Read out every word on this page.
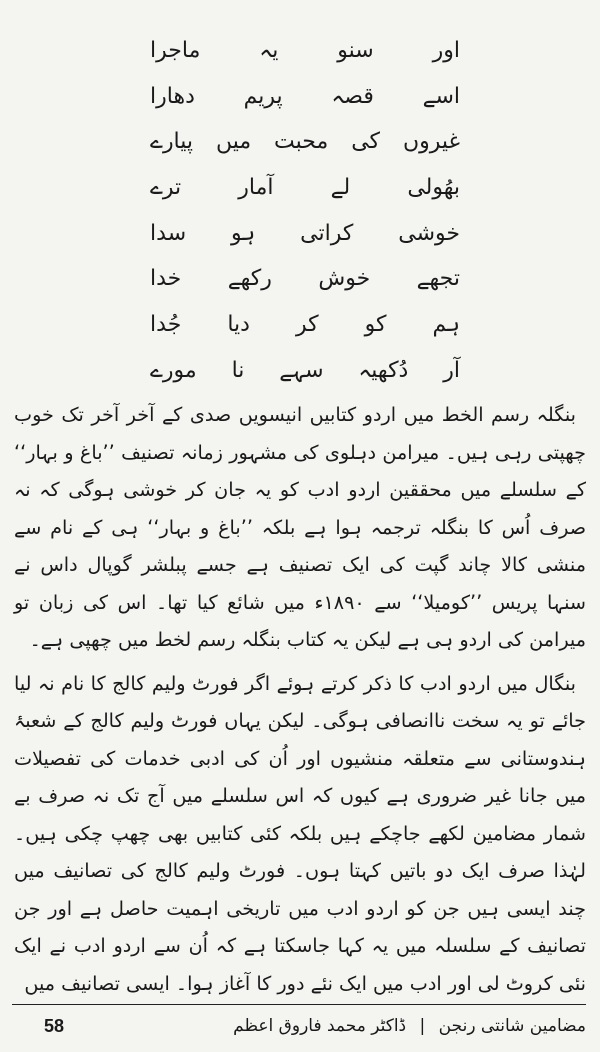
اور
سنو
یہ
ماجرا
اسے
قصہ
پریم
دھارا
غیروں
کی
محبت
میں
پیارے
بھُولی
لے
آمار
ترے
خوشی
کراتی
ہو
سدا
تجھے
خوش
رکھے
خدا
ہم
کو
کر
دیا
جُدا
آر
دُکھیہ
سہے
نا
مورے

بنگلہ رسم الخط میں اردو کتابیں انیسویں صدی کے آخر آخر تک خوب چھپتی رہی ہیں۔ میرامن دہلوی کی مشہور زمانہ تصنیف ’’باغ و بہار‘‘ کے سلسلے میں محققین اردو ادب کو یہ جان کر خوشی ہوگی کہ نہ صرف اُس کا بنگلہ ترجمہ ہوا ہے بلکہ ’’باغ و بہار‘‘ ہی کے نام سے منشی کالا چاند گپت کی ایک تصنیف ہے جسے پبلشر گوپال داس نے سنہا پریس ’’کومیلا‘‘ سے ۱۸۹۰ء میں شائع کیا تھا۔ اس کی زبان تو میرامن کی اردو ہی ہے لیکن یہ کتاب بنگلہ رسم لخط میں چھپی ہے۔

بنگال میں اردو ادب کا ذکر کرتے ہوئے اگر فورٹ ولیم کالج کا نام نہ لیا جائے تو یہ سخت ناانصافی ہوگی۔ لیکن یہاں فورٹ ولیم کالج کے شعبۂ ہندوستانی سے متعلقہ منشیوں اور اُن کی ادبی خدمات کی تفصیلات میں جانا غیر ضروری ہے کیوں کہ اس سلسلے میں آج تک نہ صرف بے شمار مضامین لکھے جاچکے ہیں بلکہ کئی کتابیں بھی چھپ چکی ہیں۔ لہٰذا صرف ایک دو باتیں کہتا ہوں۔ فورٹ ولیم کالج کی تصانیف میں چند ایسی ہیں جن کو اردو ادب میں تاریخی اہمیت حاصل ہے اور جن تصانیف کے سلسلہ میں یہ کہا جاسکتا ہے کہ اُن سے اردو ادب نے ایک نئی کروٹ لی اور ادب میں ایک نئے دور کا آغاز ہوا۔ ایسی تصانیف میں

مضامین شانتی رنجن | ڈاکٹر محمد فاروق اعظم
58
